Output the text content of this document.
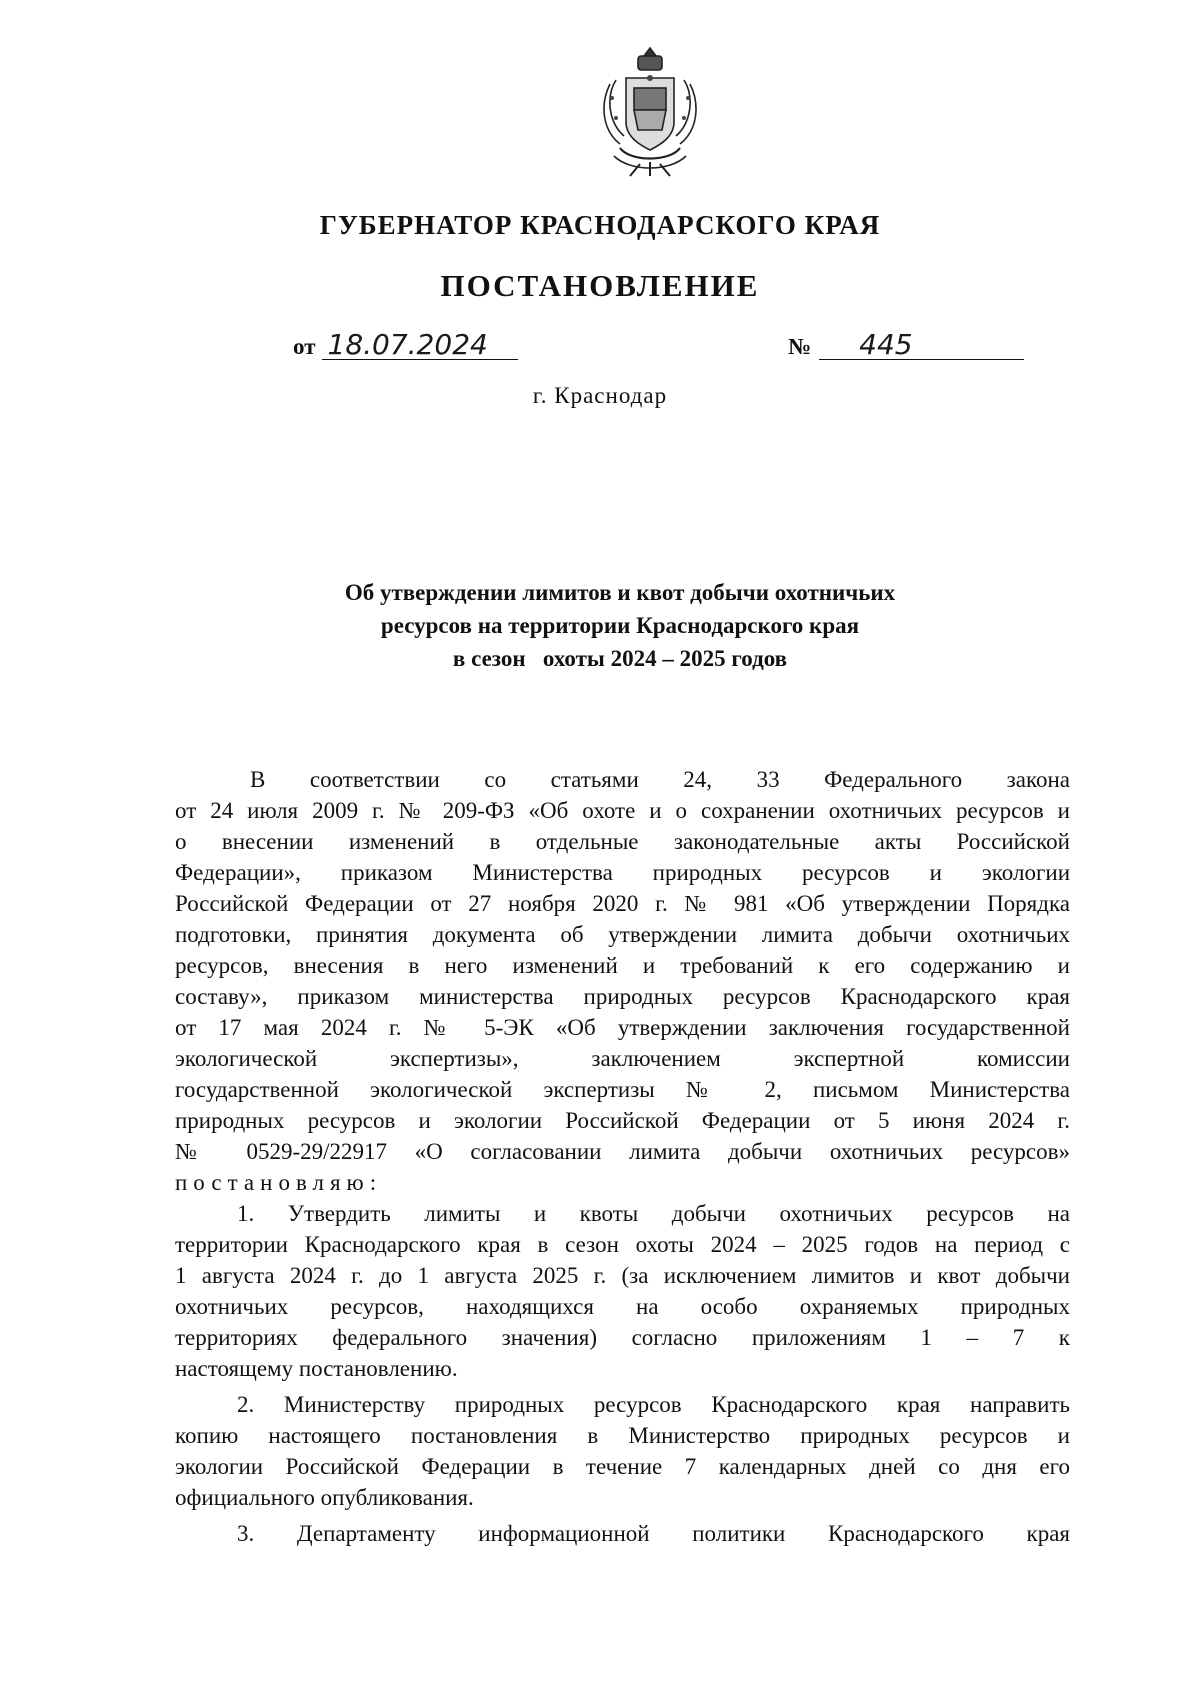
ГУБЕРНАТОР КРАСНОДАРСКОГО КРАЯ
ПОСТАНОВЛЕНИЕ
от 18.07.2024	№ 445
г. Краснодар
Об утверждении лимитов и квот добычи охотничьих
ресурсов на территории Краснодарского края
в сезон   охоты 2024 – 2025 годов
В соответствии со статьями 24, 33 Федерального закона
от 24 июля 2009 г. № 209-ФЗ «Об охоте и о сохранении охотничьих ресурсов и
о внесении изменений в отдельные законодательные акты Российской
Федерации», приказом Министерства природных ресурсов и экологии
Российской Федерации от 27 ноября 2020 г. № 981 «Об утверждении Порядка
подготовки, принятия документа об утверждении лимита добычи охотничьих
ресурсов, внесения в него изменений и требований к его содержанию и
составу», приказом министерства природных ресурсов Краснодарского края
от 17 мая 2024 г. № 5-ЭК «Об утверждении заключения государственной
экологической экспертизы», заключением экспертной комиссии
государственной экологической экспертизы № 2, письмом Министерства
природных ресурсов и экологии Российской Федерации от 5 июня 2024 г.
№ 0529-29/22917 «О согласовании лимита добычи охотничьих ресурсов»
постановляю:
1. Утвердить лимиты и квоты добычи охотничьих ресурсов на
территории Краснодарского края в сезон охоты 2024 – 2025 годов на период с
1 августа 2024 г. до 1 августа 2025 г. (за исключением лимитов и квот добычи
охотничьих ресурсов, находящихся на особо охраняемых природных
территориях федерального значения) согласно приложениям 1 – 7 к
настоящему постановлению.
2. Министерству природных ресурсов Краснодарского края направить
копию настоящего постановления в Министерство природных ресурсов и
экологии Российской Федерации в течение 7 календарных дней со дня его
официального опубликования.
3. Департаменту информационной политики Краснодарского края
